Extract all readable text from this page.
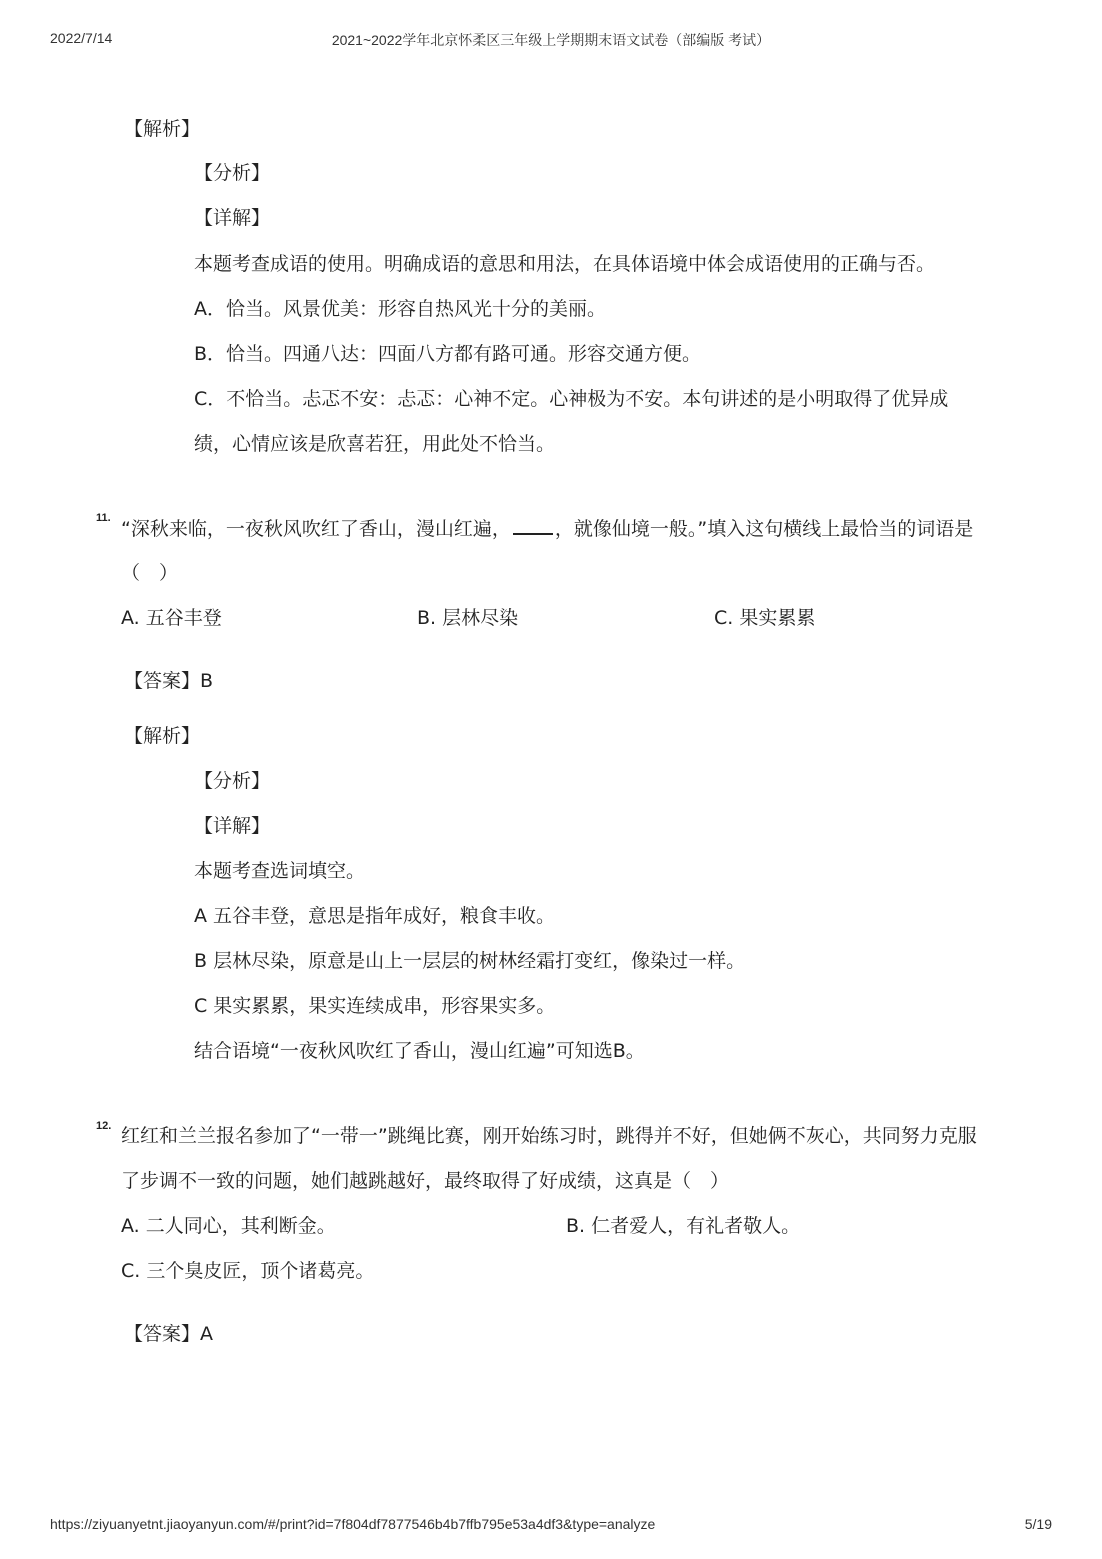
2022/7/14	2021~2022学年北京怀柔区三年级上学期期末语文试卷（部编版 考试）
【解析】
【分析】
【详解】
本题考查成语的使用。明确成语的意思和用法，在具体语境中体会成语使用的正确与否。
A．恰当。风景优美：形容自热风光十分的美丽。
B．恰当。四通八达：四面八方都有路可通。形容交通方便。
C．不恰当。忐忑不安：忐忑：心神不定。心神极为不安。本句讲述的是小明取得了优异成
绩，心情应该是欣喜若狂，用此处不恰当。
11. “深秋来临，一夜秋风吹红了香山，漫山红遍， ，就像仙境一般。”填入这句横线上最恰当的词语是
（　）
A. 五谷丰登	B. 层林尽染	C. 果实累累
【答案】B
【解析】
【分析】
【详解】
本题考查选词填空。
A 五谷丰登，意思是指年成好，粮食丰收。
B 层林尽染，原意是山上一层层的树林经霜打变红，像染过一样。
C 果实累累，果实连续成串，形容果实多。
结合语境“一夜秋风吹红了香山，漫山红遍”可知选B。
12. 红红和兰兰报名参加了“一带一”跳绳比赛，刚开始练习时，跳得并不好，但她俩不灰心，共同努力克服
了步调不一致的问题，她们越跳越好，最终取得了好成绩，这真是（　）
A. 二人同心，其利断金。	B. 仁者爱人，有礼者敬人。
C. 三个臭皮匠，顶个诸葛亮。
【答案】A
https://ziyuanyetnt.jiaoyanyun.com/#/print?id=7f804df7877546b4b7ffb795e53a4df3&type=analyze	5/19
